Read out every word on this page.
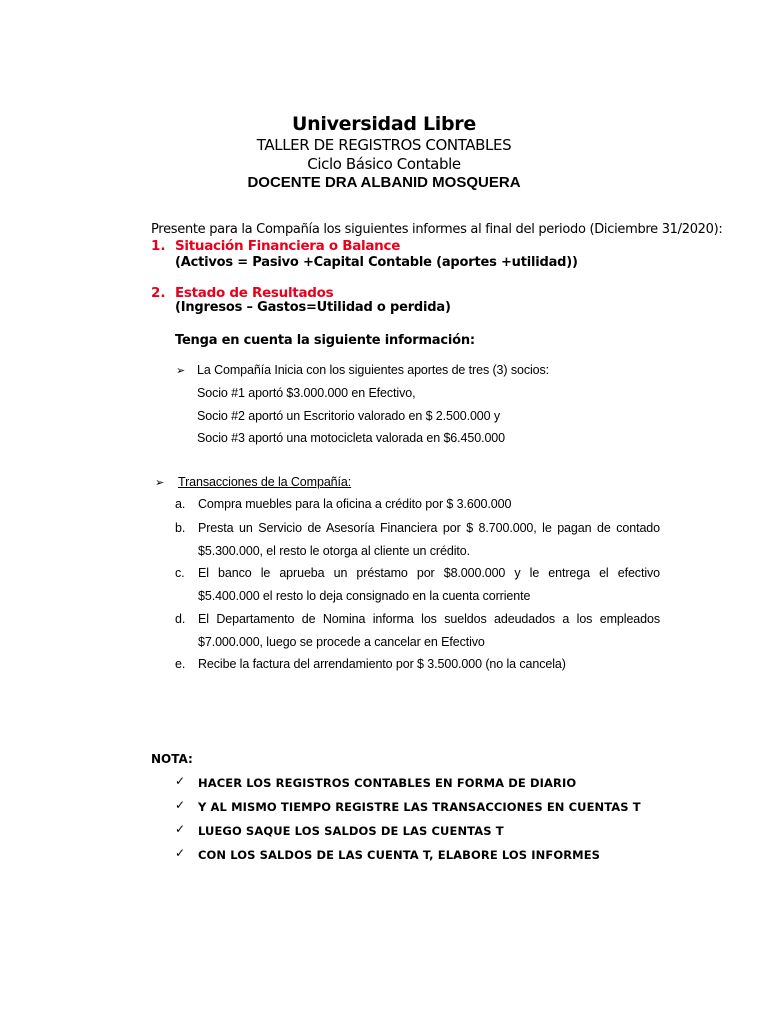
Universidad Libre
TALLER DE REGISTROS CONTABLES
Ciclo Básico Contable
DOCENTE DRA ALBANID MOSQUERA
Presente para la Compañía los siguientes informes al final del periodo (Diciembre 31/2020):
1. Situación Financiera o Balance
(Activos = Pasivo +Capital Contable (aportes +utilidad))
2. Estado de Resultados
(Ingresos – Gastos=Utilidad o perdida)
Tenga en cuenta la siguiente información:
➢ La Compañía Inicia con los siguientes aportes de tres (3) socios:
Socio #1 aportó $3.000.000 en Efectivo,
Socio #2 aportó un Escritorio valorado en $ 2.500.000 y
Socio #3 aportó una motocicleta valorada en $6.450.000
➢ Transacciones de la Compañía:
a. Compra muebles para la oficina a crédito por $ 3.600.000
b. Presta un Servicio de Asesoría Financiera por $ 8.700.000, le pagan de contado
$5.300.000, el resto le otorga al cliente un crédito.
c. El banco le aprueba un préstamo por $8.000.000 y le entrega el efectivo
$5.400.000 el resto lo deja consignado en la cuenta corriente
d. El Departamento de Nomina informa los sueldos adeudados a los empleados
$7.000.000, luego se procede a cancelar en Efectivo
e. Recibe la factura del arrendamiento por $ 3.500.000 (no la cancela)
NOTA:
✓ HACER LOS REGISTROS CONTABLES EN FORMA DE DIARIO
✓ Y AL MISMO TIEMPO REGISTRE LAS TRANSACCIONES EN CUENTAS T
✓ LUEGO SAQUE LOS SALDOS DE LAS CUENTAS T
✓ CON LOS SALDOS DE LAS CUENTA T, ELABORE LOS INFORMES
